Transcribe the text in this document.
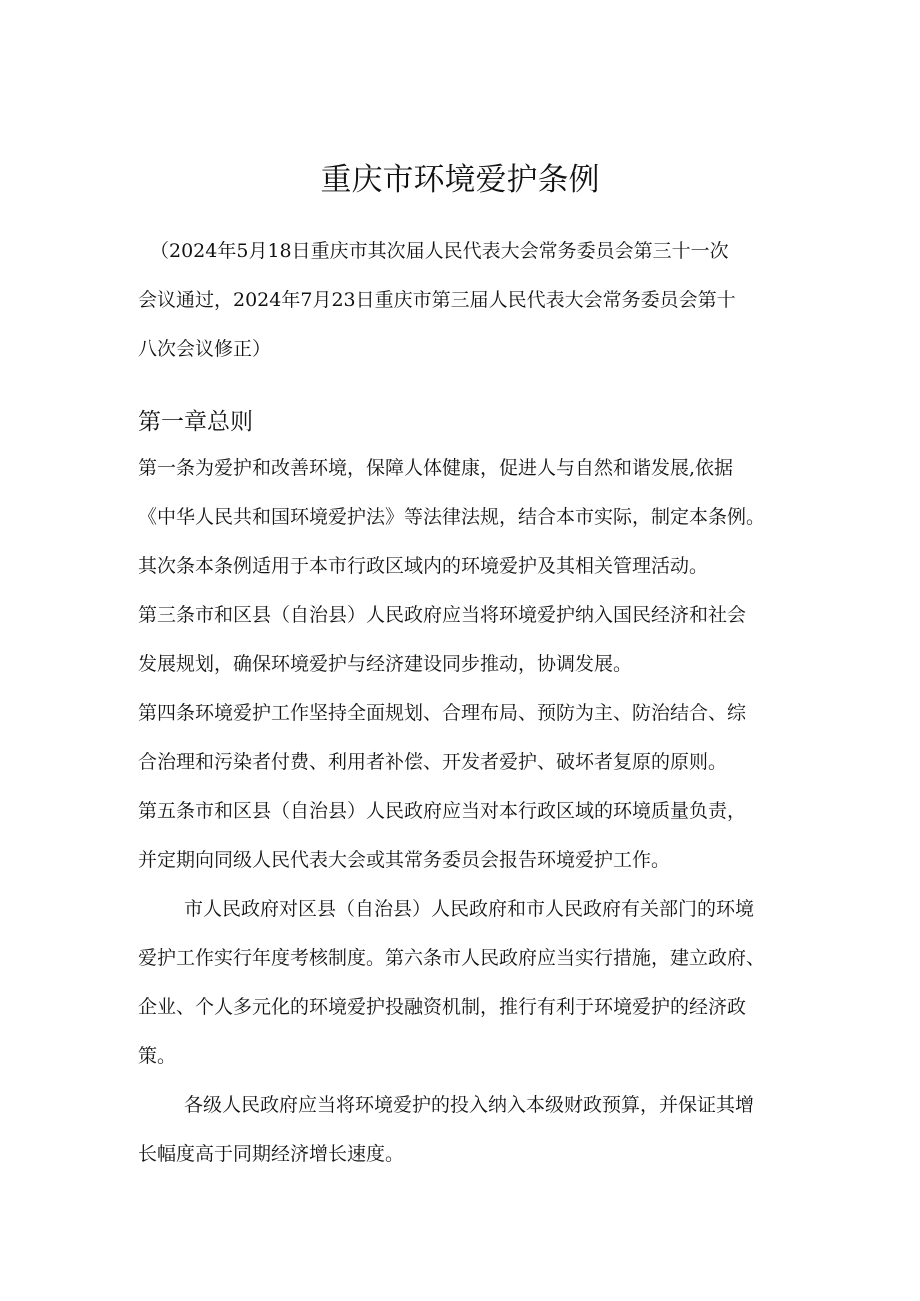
重庆市环境爱护条例

（2024年5月18日重庆市其次届人民代表大会常务委员会第三十一次

会议通过，2024年7月23日重庆市第三届人民代表大会常务委员会第十

八次会议修正）

第一章总则

第一条为爱护和改善环境，保障人体健康，促进人与自然和谐发展,依据

《中华人民共和国环境爱护法》等法律法规，结合本市实际，制定本条例。

其次条本条例适用于本市行政区域内的环境爱护及其相关管理活动。

第三条市和区县（自治县）人民政府应当将环境爱护纳入国民经济和社会

发展规划，确保环境爱护与经济建设同步推动，协调发展。

第四条环境爱护工作坚持全面规划、合理布局、预防为主、防治结合、综

合治理和污染者付费、利用者补偿、开发者爱护、破坏者复原的原则。

第五条市和区县（自治县）人民政府应当对本行政区域的环境质量负责，

并定期向同级人民代表大会或其常务委员会报告环境爱护工作。

市人民政府对区县（自治县）人民政府和市人民政府有关部门的环境

爱护工作实行年度考核制度。第六条市人民政府应当实行措施，建立政府、

企业、个人多元化的环境爱护投融资机制，推行有利于环境爱护的经济政

策。

各级人民政府应当将环境爱护的投入纳入本级财政预算，并保证其增

长幅度高于同期经济增长速度。
